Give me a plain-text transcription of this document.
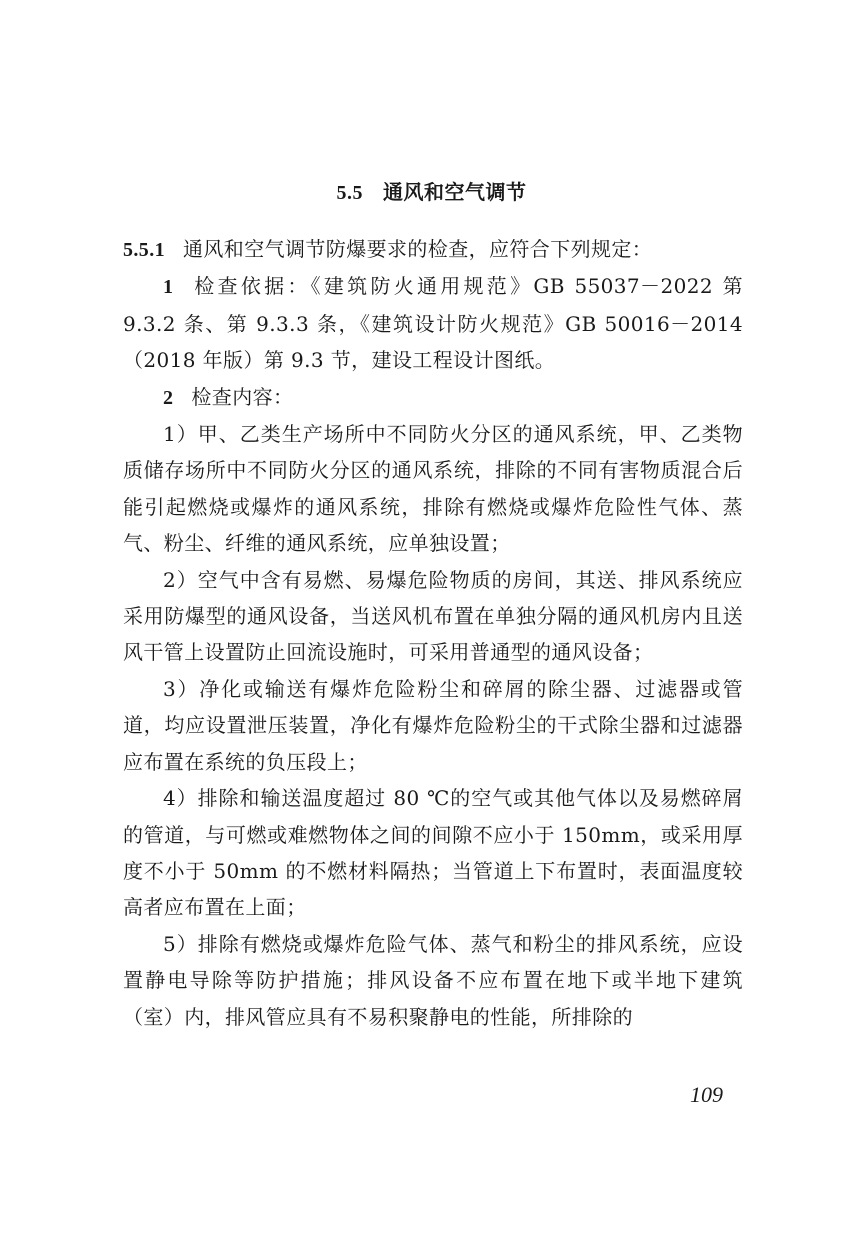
5.5 通风和空气调节

5.5.1 通风和空气调节防爆要求的检查，应符合下列规定：

1 检查依据：《建筑防火通用规范》GB 55037－2022 第 9.3.2 条、第 9.3.3 条，《建筑设计防火规范》GB 50016－2014（2018 年版）第 9.3 节，建设工程设计图纸。

2 检查内容：

1）甲、乙类生产场所中不同防火分区的通风系统，甲、乙类物质储存场所中不同防火分区的通风系统，排除的不同有害物质混合后能引起燃烧或爆炸的通风系统，排除有燃烧或爆炸危险性气体、蒸气、粉尘、纤维的通风系统，应单独设置；

2）空气中含有易燃、易爆危险物质的房间，其送、排风系统应采用防爆型的通风设备，当送风机布置在单独分隔的通风机房内且送风干管上设置防止回流设施时，可采用普通型的通风设备；

3）净化或输送有爆炸危险粉尘和碎屑的除尘器、过滤器或管道，均应设置泄压装置，净化有爆炸危险粉尘的干式除尘器和过滤器应布置在系统的负压段上；

4）排除和输送温度超过 80 ℃的空气或其他气体以及易燃碎屑的管道，与可燃或难燃物体之间的间隙不应小于 150mm，或采用厚度不小于 50mm 的不燃材料隔热；当管道上下布置时，表面温度较高者应布置在上面；

5）排除有燃烧或爆炸危险气体、蒸气和粉尘的排风系统，应设置静电导除等防护措施；排风设备不应布置在地下或半地下建筑（室）内，排风管应具有不易积聚静电的性能，所排除的

109
